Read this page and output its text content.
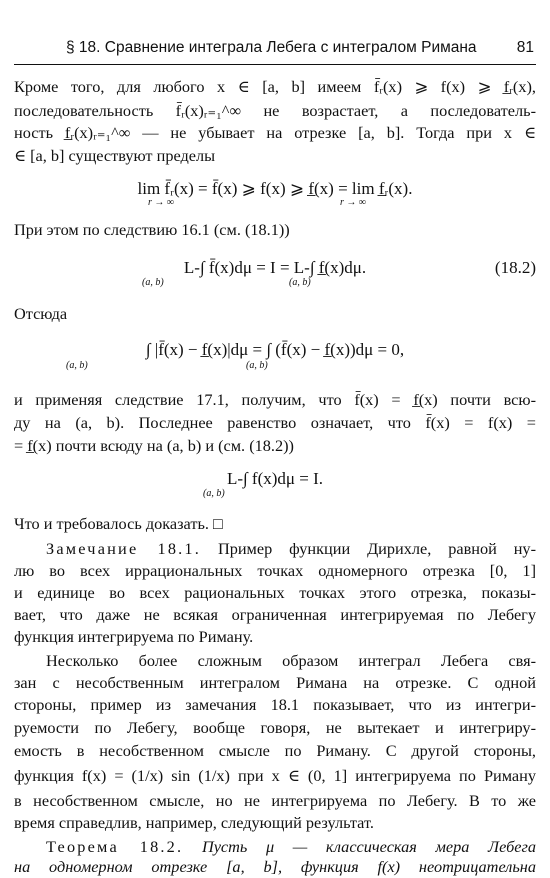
§ 18. Сравнение интеграла Лебега с интегралом Римана	81
Кроме того, для любого x ∈ [a, b] имеем f̄ᵣ(x) ⩾ f(x) ⩾ f̲ᵣ(x),
последовательность f̄ᵣ(x)ᵣ₌₁^∞ не возрастает, а последователь-
ность f̲ᵣ(x)ᵣ₌₁^∞ — не убывает на отрезке [a, b]. Тогда при x ∈
∈ [a, b] существуют пределы
lim f̄ᵣ(x) = f̄(x) ⩾ f(x) ⩾ f̲(x) = lim f̲ᵣ(x).
r → ∞	r → ∞
При этом по следствию 16.1 (см. (18.1))
L-∫ f̄(x)dμ = I = L-∫ f̲(x)dμ.	(18.2)
(a, b)	(a, b)
Отсюда
∫ |f̄(x) − f̲(x)|dμ = ∫ (f̄(x) − f̲(x))dμ = 0,
(a, b)	(a, b)
и применяя следствие 17.1, получим, что f̄(x) = f̲(x) почти всю-
ду на (a, b). Последнее равенство означает, что f̄(x) = f(x) =
= f̲(x) почти всюду на (a, b) и (см. (18.2))
L-∫ f(x)dμ = I.
(a, b)
Что и требовалось доказать. □
Замечание 18.1. Пример функции Дирихле, равной ну-
лю во всех иррациональных точках одномерного отрезка [0, 1]
и единице во всех рациональных точках этого отрезка, показы-
вает, что даже не всякая ограниченная интегрируемая по Лебегу
функция интегрируема по Риману.
Несколько более сложным образом интеграл Лебега свя-
зан с несобственным интегралом Римана на отрезке. С одной
стороны, пример из замечания 18.1 показывает, что из интегри-
руемости по Лебегу, вообще говоря, не вытекает и интегриру-
емость в несобственном смысле по Риману. С другой стороны,
функция f(x) = (1/x) sin (1/x) при x ∈ (0, 1] интегрируема по Риману
в несобственном смысле, но не интегрируема по Лебегу. В то же
время справедлив, например, следующий результат.
Теорема 18.2. Пусть μ — классическая мера Лебега
на одномерном отрезке [a, b], функция f(x) неотрицательна
